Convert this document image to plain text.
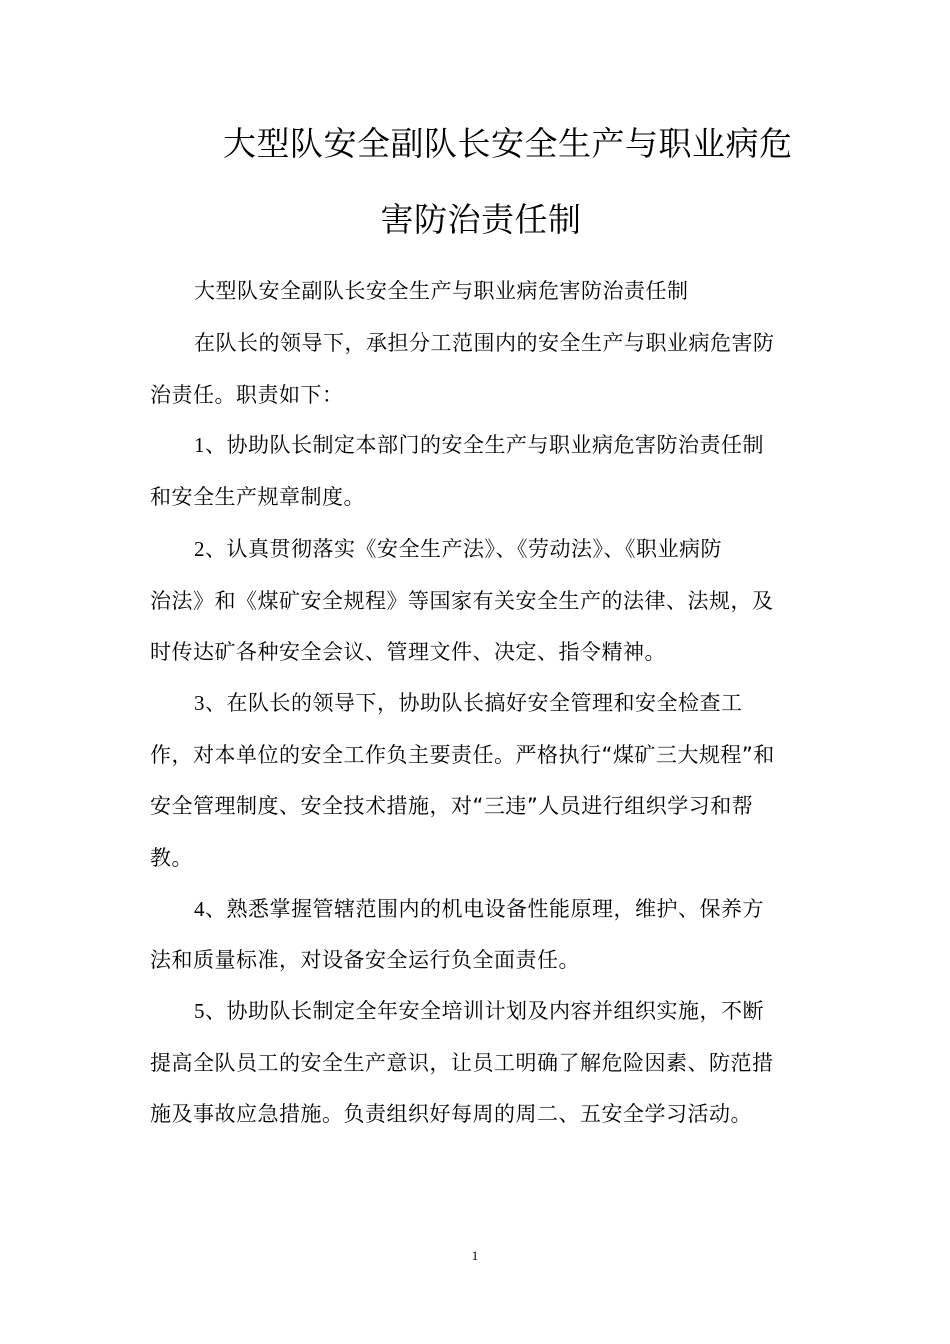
大型队安全副队长安全生产与职业病危
害防治责任制
大型队安全副队长安全生产与职业病危害防治责任制
在队长的领导下，承担分工范围内的安全生产与职业病危害防
治责任。职责如下：
1、协助队长制定本部门的安全生产与职业病危害防治责任制
和安全生产规章制度。
2、认真贯彻落实《安全生产法》、《劳动法》、《职业病防
治法》和《煤矿安全规程》等国家有关安全生产的法律、法规，及
时传达矿各种安全会议、管理文件、决定、指令精神。
3、在队长的领导下，协助队长搞好安全管理和安全检查工
作，对本单位的安全工作负主要责任。严格执行“煤矿三大规程”和
安全管理制度、安全技术措施，对“三违”人员进行组织学习和帮
教。
4、熟悉掌握管辖范围内的机电设备性能原理，维护、保养方
法和质量标准，对设备安全运行负全面责任。
5、协助队长制定全年安全培训计划及内容并组织实施，不断
提高全队员工的安全生产意识，让员工明确了解危险因素、防范措
施及事故应急措施。负责组织好每周的周二、五安全学习活动。
1
